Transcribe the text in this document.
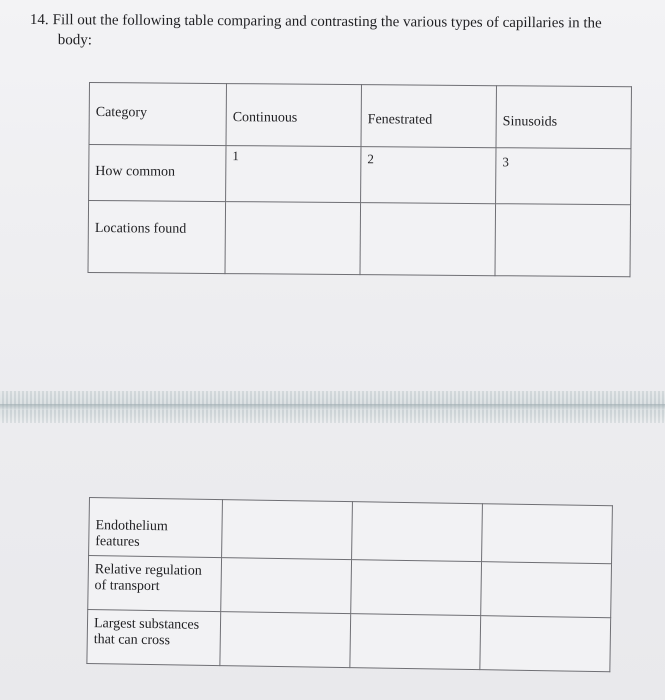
14. Fill out the following table comparing and contrasting the various types of capillaries in the
body:
Category	Continuous	Fenestrated	Sinusoids

How common	1	2	3

Locations found			

Endothelium
features			

Relative regulation
of transport			

Largest substances
that can cross			
